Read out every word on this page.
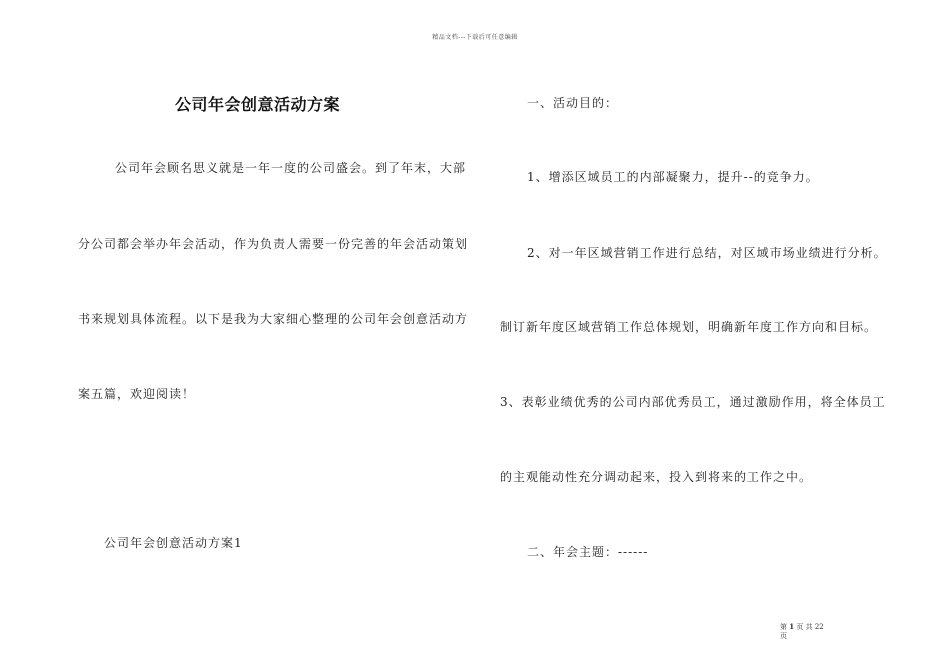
精品文档---下载后可任意编辑
公司年会创意活动方案
公司年会顾名思义就是一年一度的公司盛会。到了年末，大部
分公司都会举办年会活动，作为负责人需要一份完善的年会活动策划
书来规划具体流程。以下是我为大家细心整理的公司年会创意活动方
案五篇，欢迎阅读！
公司年会创意活动方案1
一、活动目的：
1、增添区域员工的内部凝聚力，提升--的竞争力。
2、对一年区域营销工作进行总结，对区域市场业绩进行分析。
制订新年度区域营销工作总体规划，明确新年度工作方向和目标。
3、表彰业绩优秀的公司内部优秀员工，通过激励作用，将全体员工
的主观能动性充分调动起来，投入到将来的工作之中。
二、年会主题：------
第 1 页 共 22
页
